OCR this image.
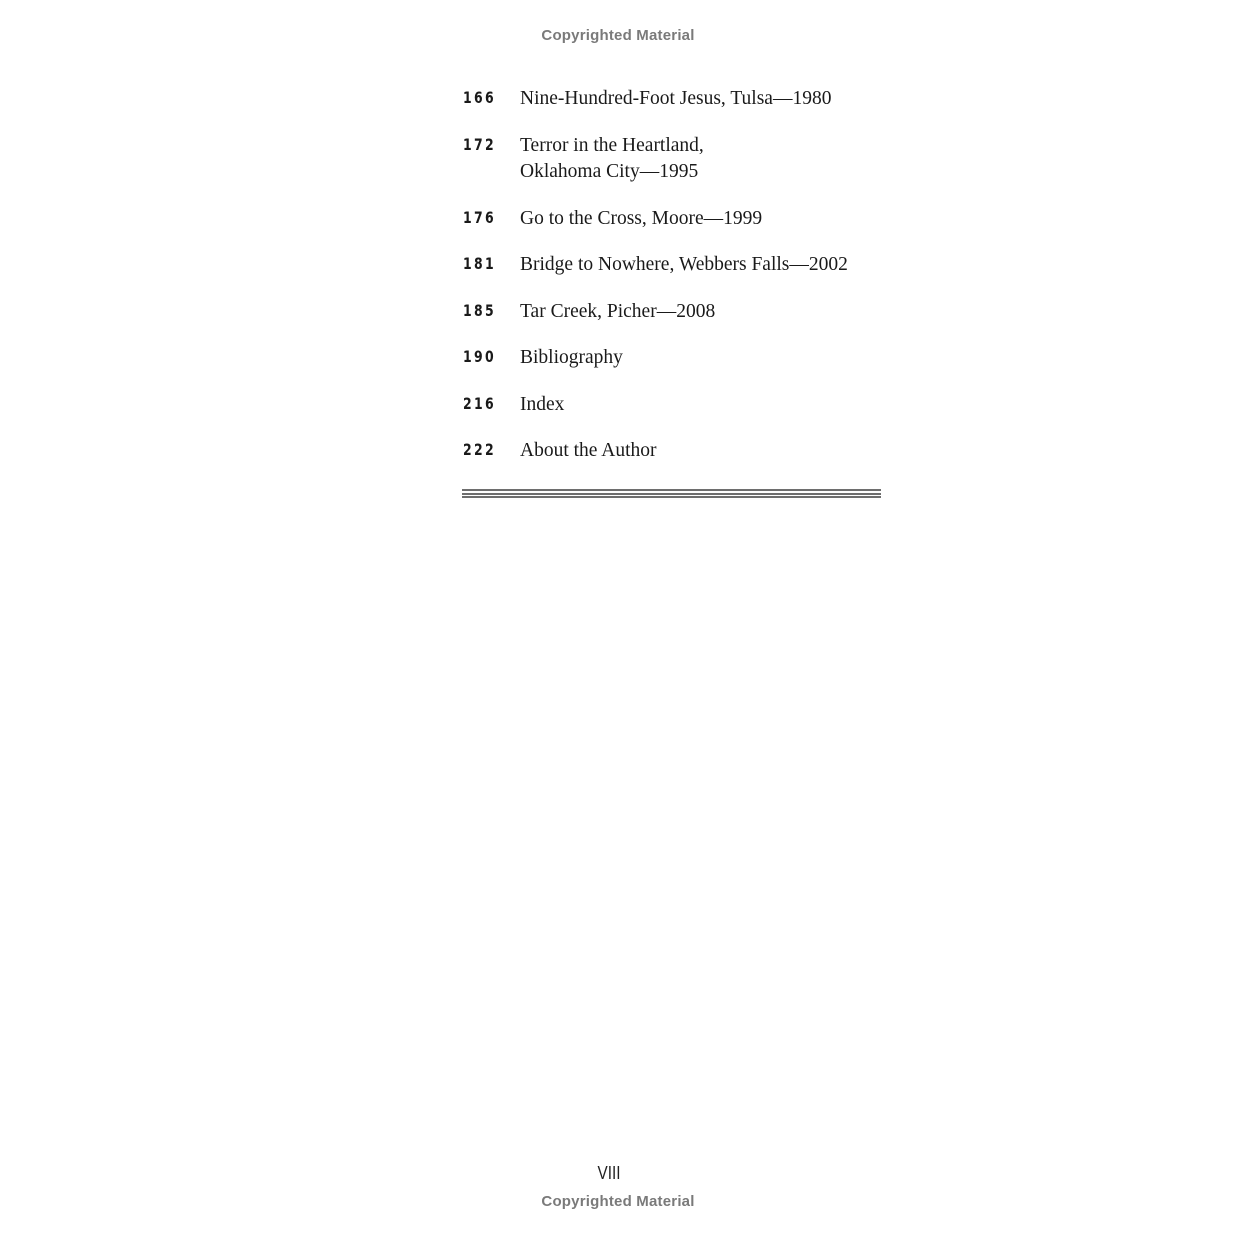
Copyrighted Material
166 Nine-Hundred-Foot Jesus, Tulsa—1980
172 Terror in the Heartland,
Oklahoma City—1995
176 Go to the Cross, Moore—1999
181 Bridge to Nowhere, Webbers Falls—2002
185 Tar Creek, Picher—2008
190 Bibliography
216 Index
222 About the Author
VIII
Copyrighted Material
